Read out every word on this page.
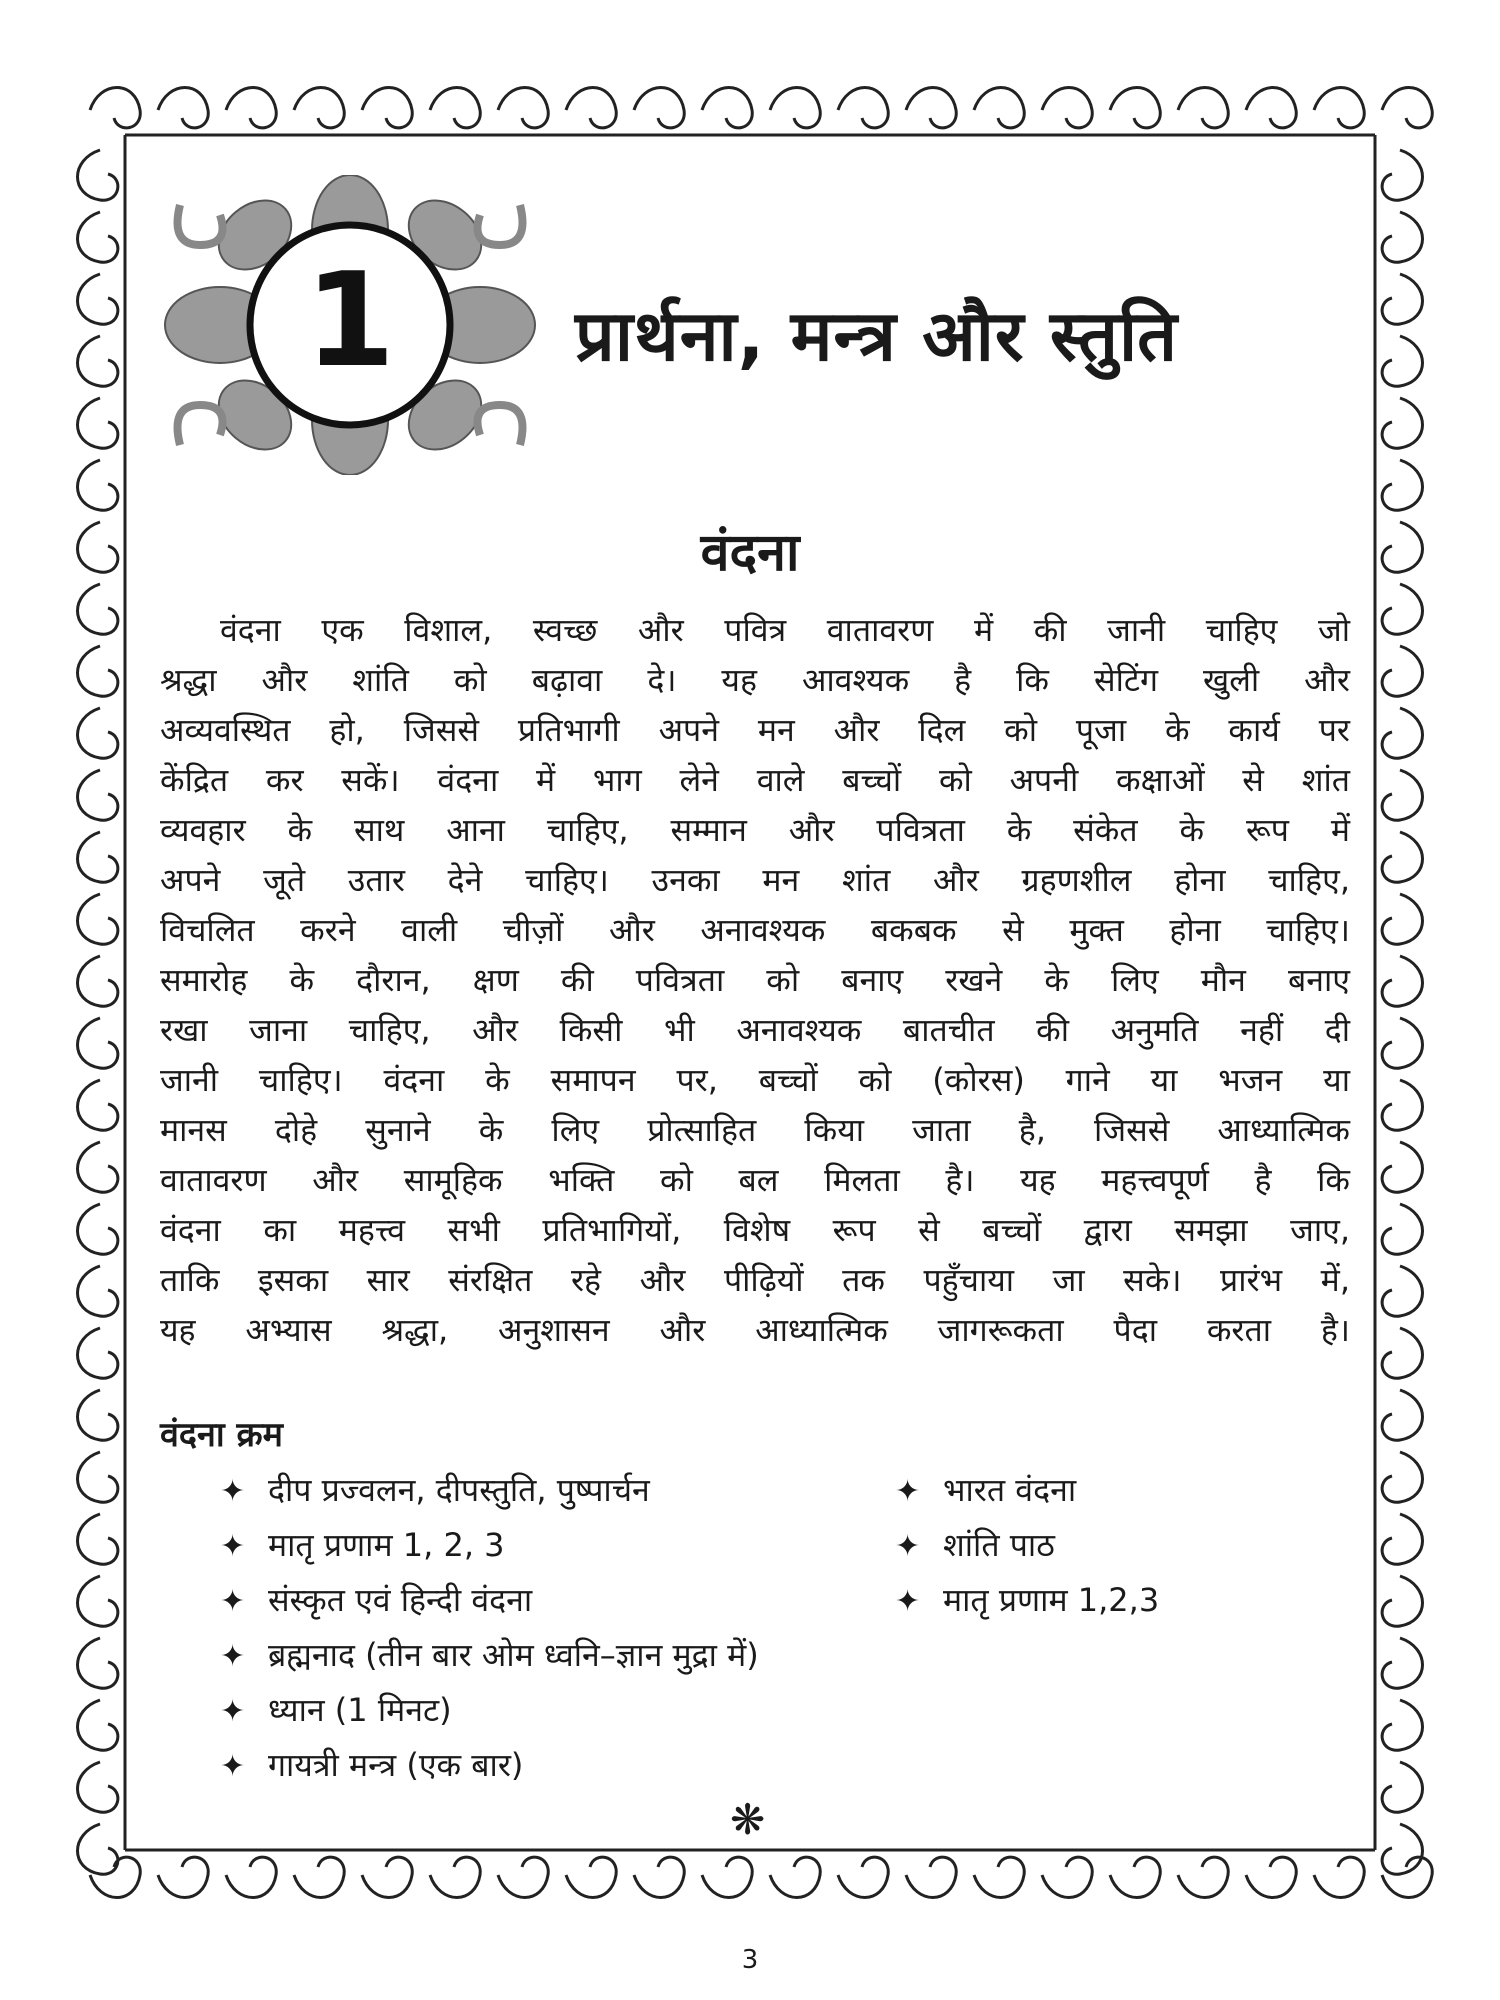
1	प्रार्थना, मन्त्र और स्तुति
वंदना
वंदना एक विशाल, स्वच्छ और पवित्र वातावरण में की जानी चाहिए जो
श्रद्धा और शांति को बढ़ावा दे। यह आवश्यक है कि सेटिंग खुली और
अव्यवस्थित हो, जिससे प्रतिभागी अपने मन और दिल को पूजा के कार्य पर
केंद्रित कर सकें। वंदना में भाग लेने वाले बच्चों को अपनी कक्षाओं से शांत
व्यवहार के साथ आना चाहिए, सम्मान और पवित्रता के संकेत के रूप में
अपने जूते उतार देने चाहिए। उनका मन शांत और ग्रहणशील होना चाहिए,
विचलित करने वाली चीज़ों और अनावश्यक बकबक से मुक्त होना चाहिए।
समारोह के दौरान, क्षण की पवित्रता को बनाए रखने के लिए मौन बनाए
रखा जाना चाहिए, और किसी भी अनावश्यक बातचीत की अनुमति नहीं दी
जानी चाहिए। वंदना के समापन पर, बच्चों को (कोरस) गाने या भजन या
मानस दोहे सुनाने के लिए प्रोत्साहित किया जाता है, जिससे आध्यात्मिक
वातावरण और सामूहिक भक्ति को बल मिलता है। यह महत्त्वपूर्ण है कि
वंदना का महत्त्व सभी प्रतिभागियों, विशेष रूप से बच्चों द्वारा समझा जाए,
ताकि इसका सार संरक्षित रहे और पीढ़ियों तक पहुँचाया जा सके। प्रारंभ में,
यह अभ्यास श्रद्धा, अनुशासन और आध्यात्मिक जागरूकता पैदा करता है।
वंदना क्रम
✦ दीप प्रज्वलन, दीपस्तुति, पुष्पार्चन
✦ मातृ प्रणाम 1, 2, 3
✦ संस्कृत एवं हिन्दी वंदना
✦ ब्रह्मनाद (तीन बार ओम ध्वनि–ज्ञान मुद्रा में)
✦ ध्यान (1 मिनट)
✦ गायत्री मन्त्र (एक बार)
✦ भारत वंदना
✦ शांति पाठ
✦ मातृ प्रणाम 1,2,3
❋
3
